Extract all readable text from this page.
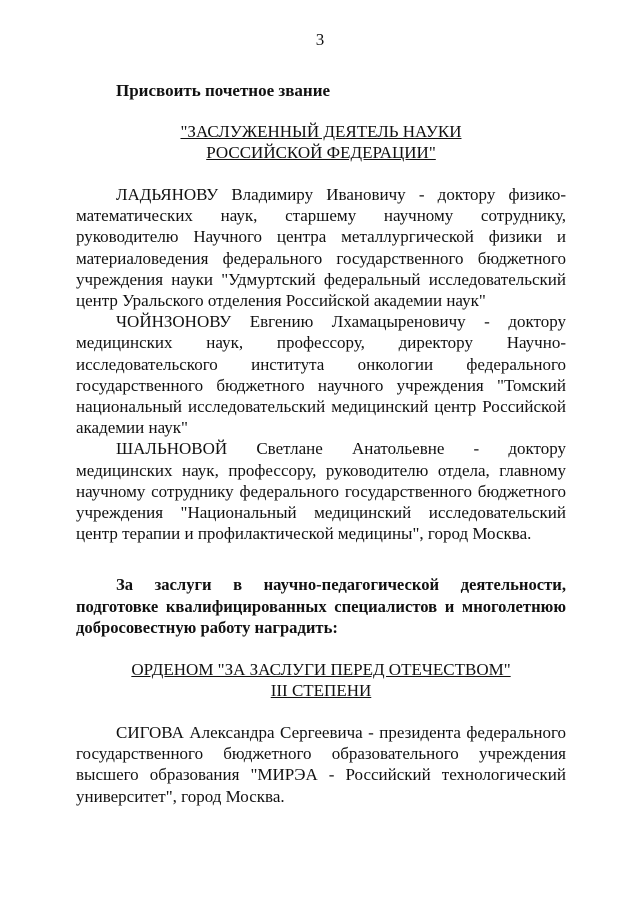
3
Присвоить почетное звание
"ЗАСЛУЖЕННЫЙ ДЕЯТЕЛЬ НАУКИ
РОССИЙСКОЙ ФЕДЕРАЦИИ"

ЛАДЬЯНОВУ Владимиру Ивановичу - доктору физико-математических наук, старшему научному сотруднику, руководителю Научного центра металлургической физики и материаловедения федерального государственного бюджетного учреждения науки "Удмуртский федеральный исследовательский центр Уральского отделения Российской академии наук"

ЧОЙНЗОНОВУ Евгению Лхамацыреновичу - доктору медицинских наук, профессору, директору Научно-исследовательского института онкологии федерального государственного бюджетного научного учреждения "Томский национальный исследовательский медицинский центр Российской академии наук"

ШАЛЬНОВОЙ Светлане Анатольевне - доктору медицинских наук, профессору, руководителю отдела, главному научному сотруднику федерального государственного бюджетного учреждения "Национальный медицинский исследовательский центр терапии и профилактической медицины", город Москва.

За заслуги в научно-педагогической деятельности, подготовке квалифицированных специалистов и многолетнюю добросовестную работу наградить:

ОРДЕНОМ "ЗА ЗАСЛУГИ ПЕРЕД ОТЕЧЕСТВОМ"
III СТЕПЕНИ

СИГОВА Александра Сергеевича - президента федерального государственного бюджетного образовательного учреждения высшего образования "МИРЭА - Российский технологический университет", город Москва.
